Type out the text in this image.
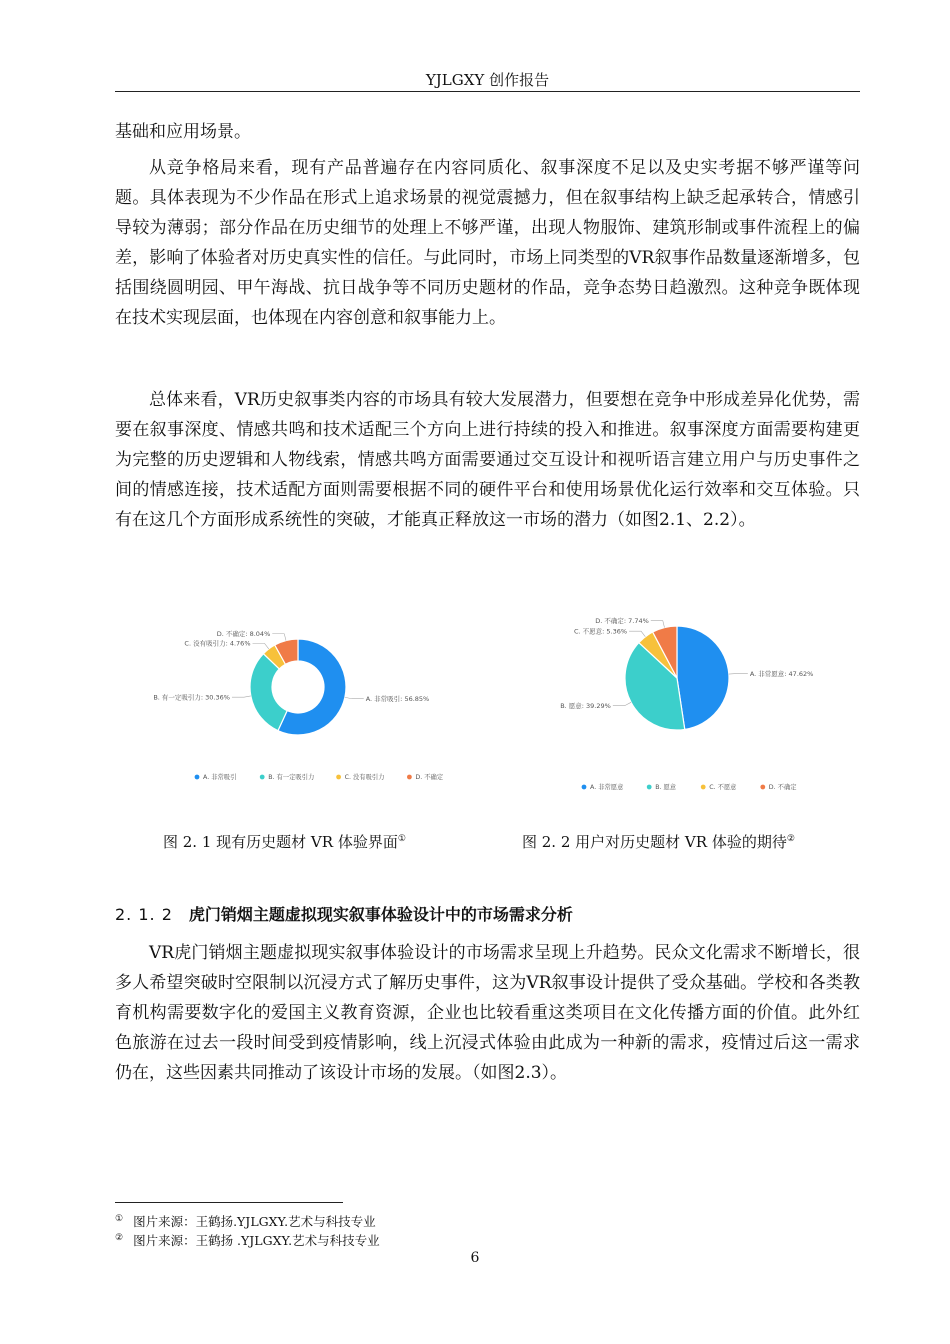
YJLGXY 创作报告

基础和应用场景。

从竞争格局来看，现有产品普遍存在内容同质化、叙事深度不足以及史实考据不够严谨等问题。具体表现为不少作品在形式上追求场景的视觉震撼力，但在叙事结构上缺乏起承转合，情感引导较为薄弱；部分作品在历史细节的处理上不够严谨，出现人物服饰、建筑形制或事件流程上的偏差，影响了体验者对历史真实性的信任。与此同时，市场上同类型的VR叙事作品数量逐渐增多，包括围绕圆明园、甲午海战、抗日战争等不同历史题材的作品，竞争态势日趋激烈。这种竞争既体现在技术实现层面，也体现在内容创意和叙事能力上。

总体来看，VR历史叙事类内容的市场具有较大发展潜力，但要想在竞争中形成差异化优势，需要在叙事深度、情感共鸣和技术适配三个方向上进行持续的投入和推进。叙事深度方面需要构建更为完整的历史逻辑和人物线索，情感共鸣方面需要通过交互设计和视听语言建立用户与历史事件之间的情感连接，技术适配方面则需要根据不同的硬件平台和使用场景优化运行效率和交互体验。只有在这几个方面形成系统性的突破，才能真正释放这一市场的潜力（如图2.1、2.2）。

A. 非常吸引: 56.85%
B. 有一定吸引力: 30.36%
C. 没有吸引力: 4.76%
D. 不确定: 8.04%
A. 非常吸引	B. 有一定吸引力	C. 没有吸引力	D. 不确定
A. 非常愿意: 47.62%
B. 愿意: 39.29%
C. 不愿意: 5.36%
D. 不确定: 7.74%
A. 非常愿意	B. 愿意	C. 不愿意	D. 不确定
图 2. 1 现有历史题材 VR 体验界面①	图 2. 2 用户对历史题材 VR 体验的期待②
2. 1. 2 虎门销烟主题虚拟现实叙事体验设计中的市场需求分析

VR虎门销烟主题虚拟现实叙事体验设计的市场需求呈现上升趋势。民众文化需求不断增长，很多人希望突破时空限制以沉浸方式了解历史事件，这为VR叙事设计提供了受众基础。学校和各类教育机构需要数字化的爱国主义教育资源，企业也比较看重这类项目在文化传播方面的价值。此外红色旅游在过去一段时间受到疫情影响，线上沉浸式体验由此成为一种新的需求，疫情过后这一需求仍在，这些因素共同推动了该设计市场的发展。（如图2.3）。

① 图片来源：王鹤扬.YJLGXY.艺术与科技专业
② 图片来源：王鹤扬 .YJLGXY.艺术与科技专业
6
